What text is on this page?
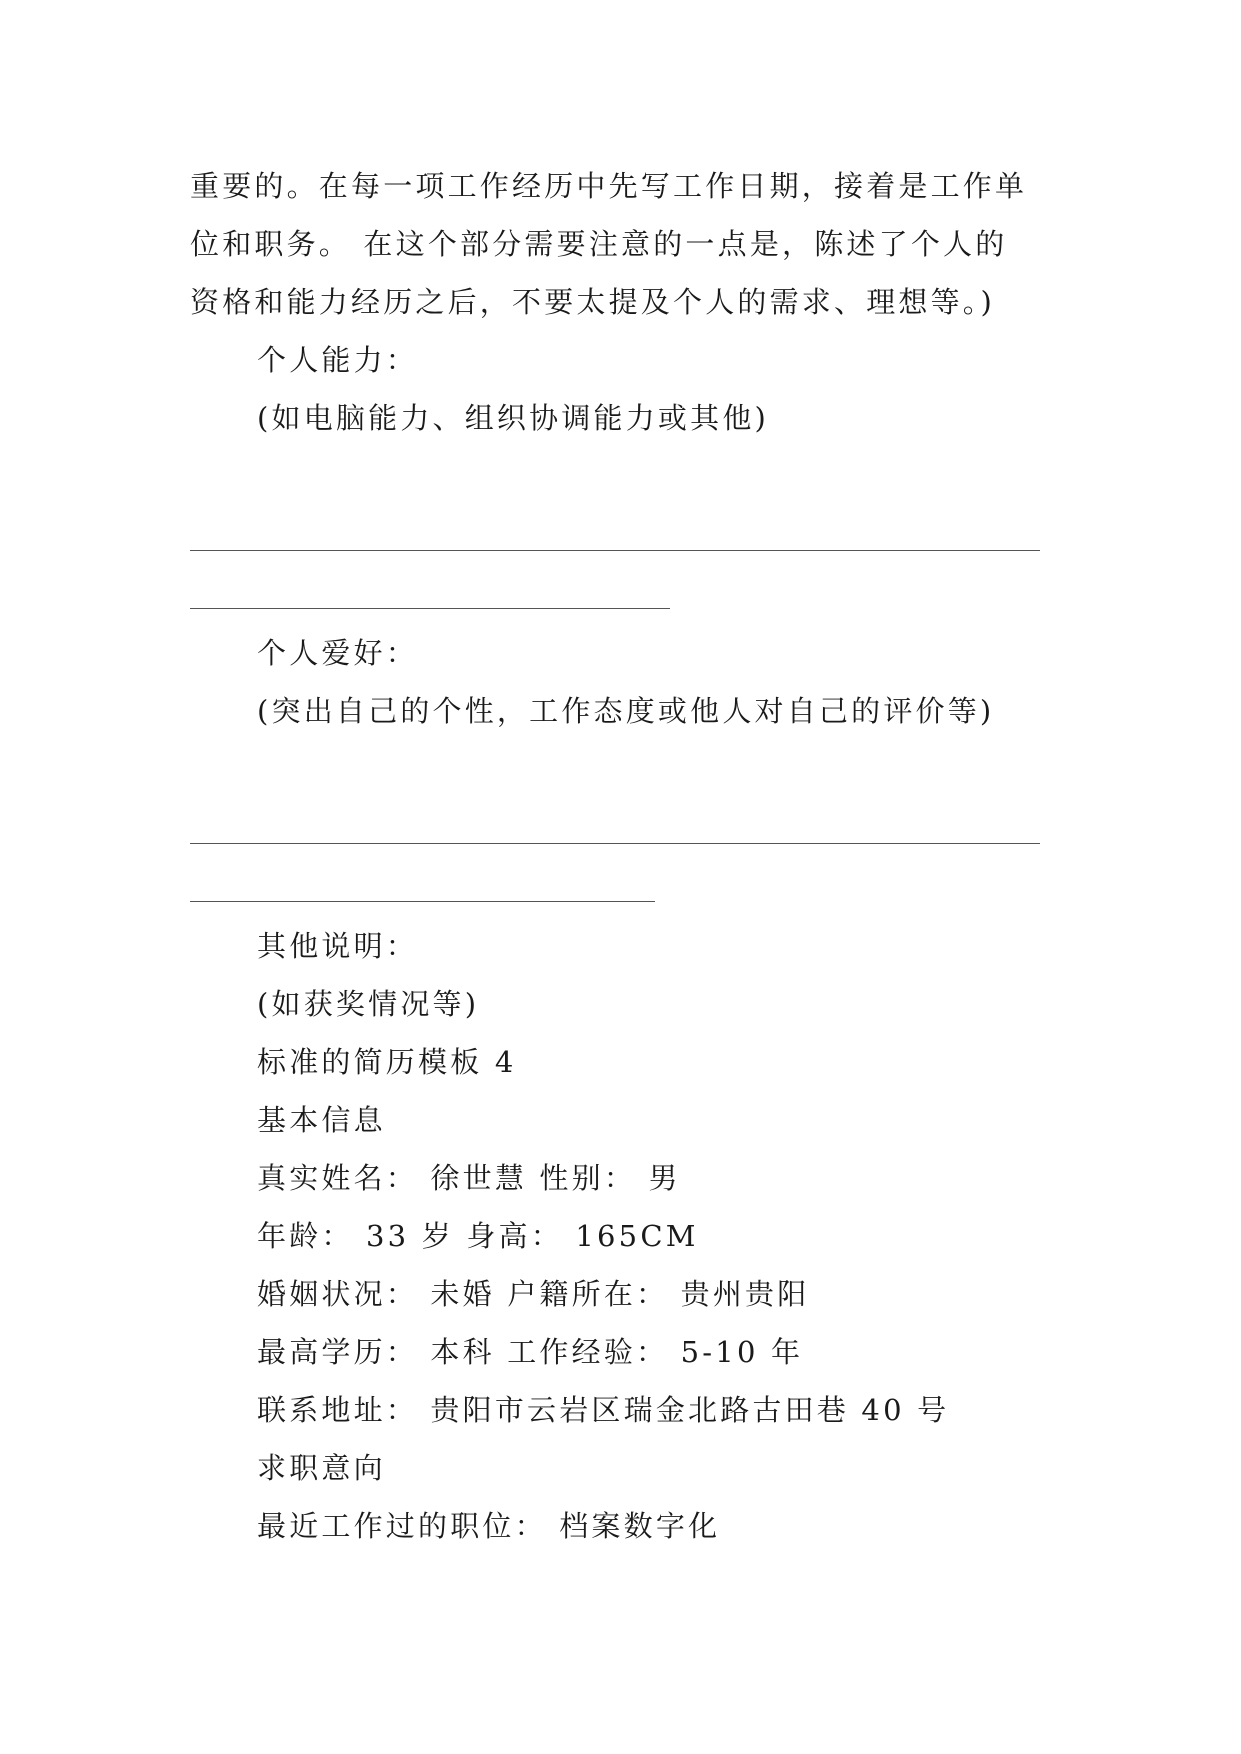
重要的。在每一项工作经历中先写工作日期，接着是工作单
位和职务。 在这个部分需要注意的一点是，陈述了个人的
资格和能力经历之后，不要太提及个人的需求、理想等。)
个人能力：
(如电脑能力、组织协调能力或其他)
个人爱好：
(突出自己的个性，工作态度或他人对自己的评价等)
其他说明：
(如获奖情况等)
标准的简历模板 4
基本信息
真实姓名： 徐世慧 性别： 男
年龄： 33 岁 身高： 165CM
婚姻状况： 未婚 户籍所在： 贵州贵阳
最高学历： 本科 工作经验： 5-10 年
联系地址： 贵阳市云岩区瑞金北路古田巷 40 号
求职意向
最近工作过的职位： 档案数字化
